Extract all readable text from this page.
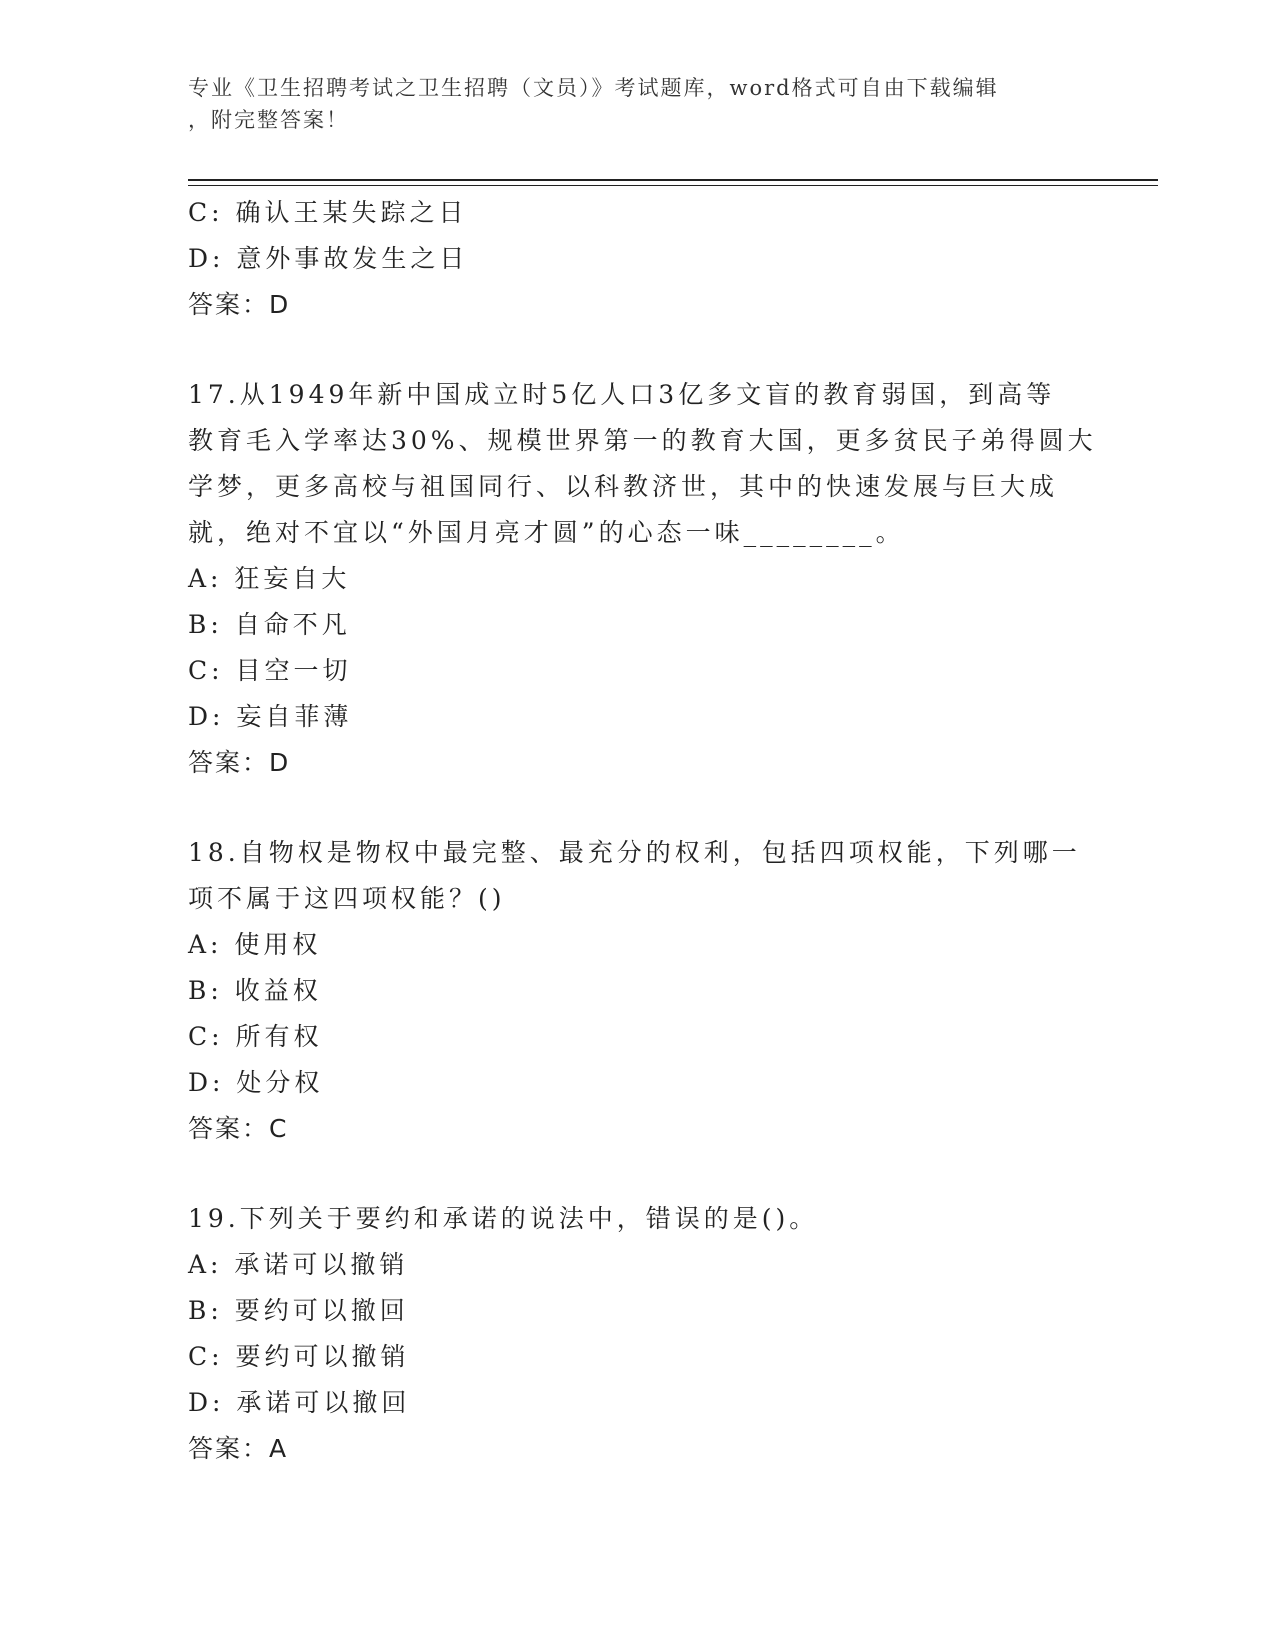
专业《卫生招聘考试之卫生招聘（文员）》考试题库，word格式可自由下载编辑
，附完整答案！
C: 确认王某失踪之日
D: 意外事故发生之日
答案：D
17.从1949年新中国成立时5亿人口3亿多文盲的教育弱国，到高等
教育毛入学率达30%、规模世界第一的教育大国，更多贫民子弟得圆大
学梦，更多高校与祖国同行、以科教济世，其中的快速发展与巨大成
就，绝对不宜以“外国月亮才圆”的心态一味________。
A: 狂妄自大
B: 自命不凡
C: 目空一切
D: 妄自菲薄
答案：D
18.自物权是物权中最完整、最充分的权利，包括四项权能，下列哪一
项不属于这四项权能？()
A: 使用权
B: 收益权
C: 所有权
D: 处分权
答案：C
19.下列关于要约和承诺的说法中，错误的是()。
A: 承诺可以撤销
B: 要约可以撤回
C: 要约可以撤销
D: 承诺可以撤回
答案：A
